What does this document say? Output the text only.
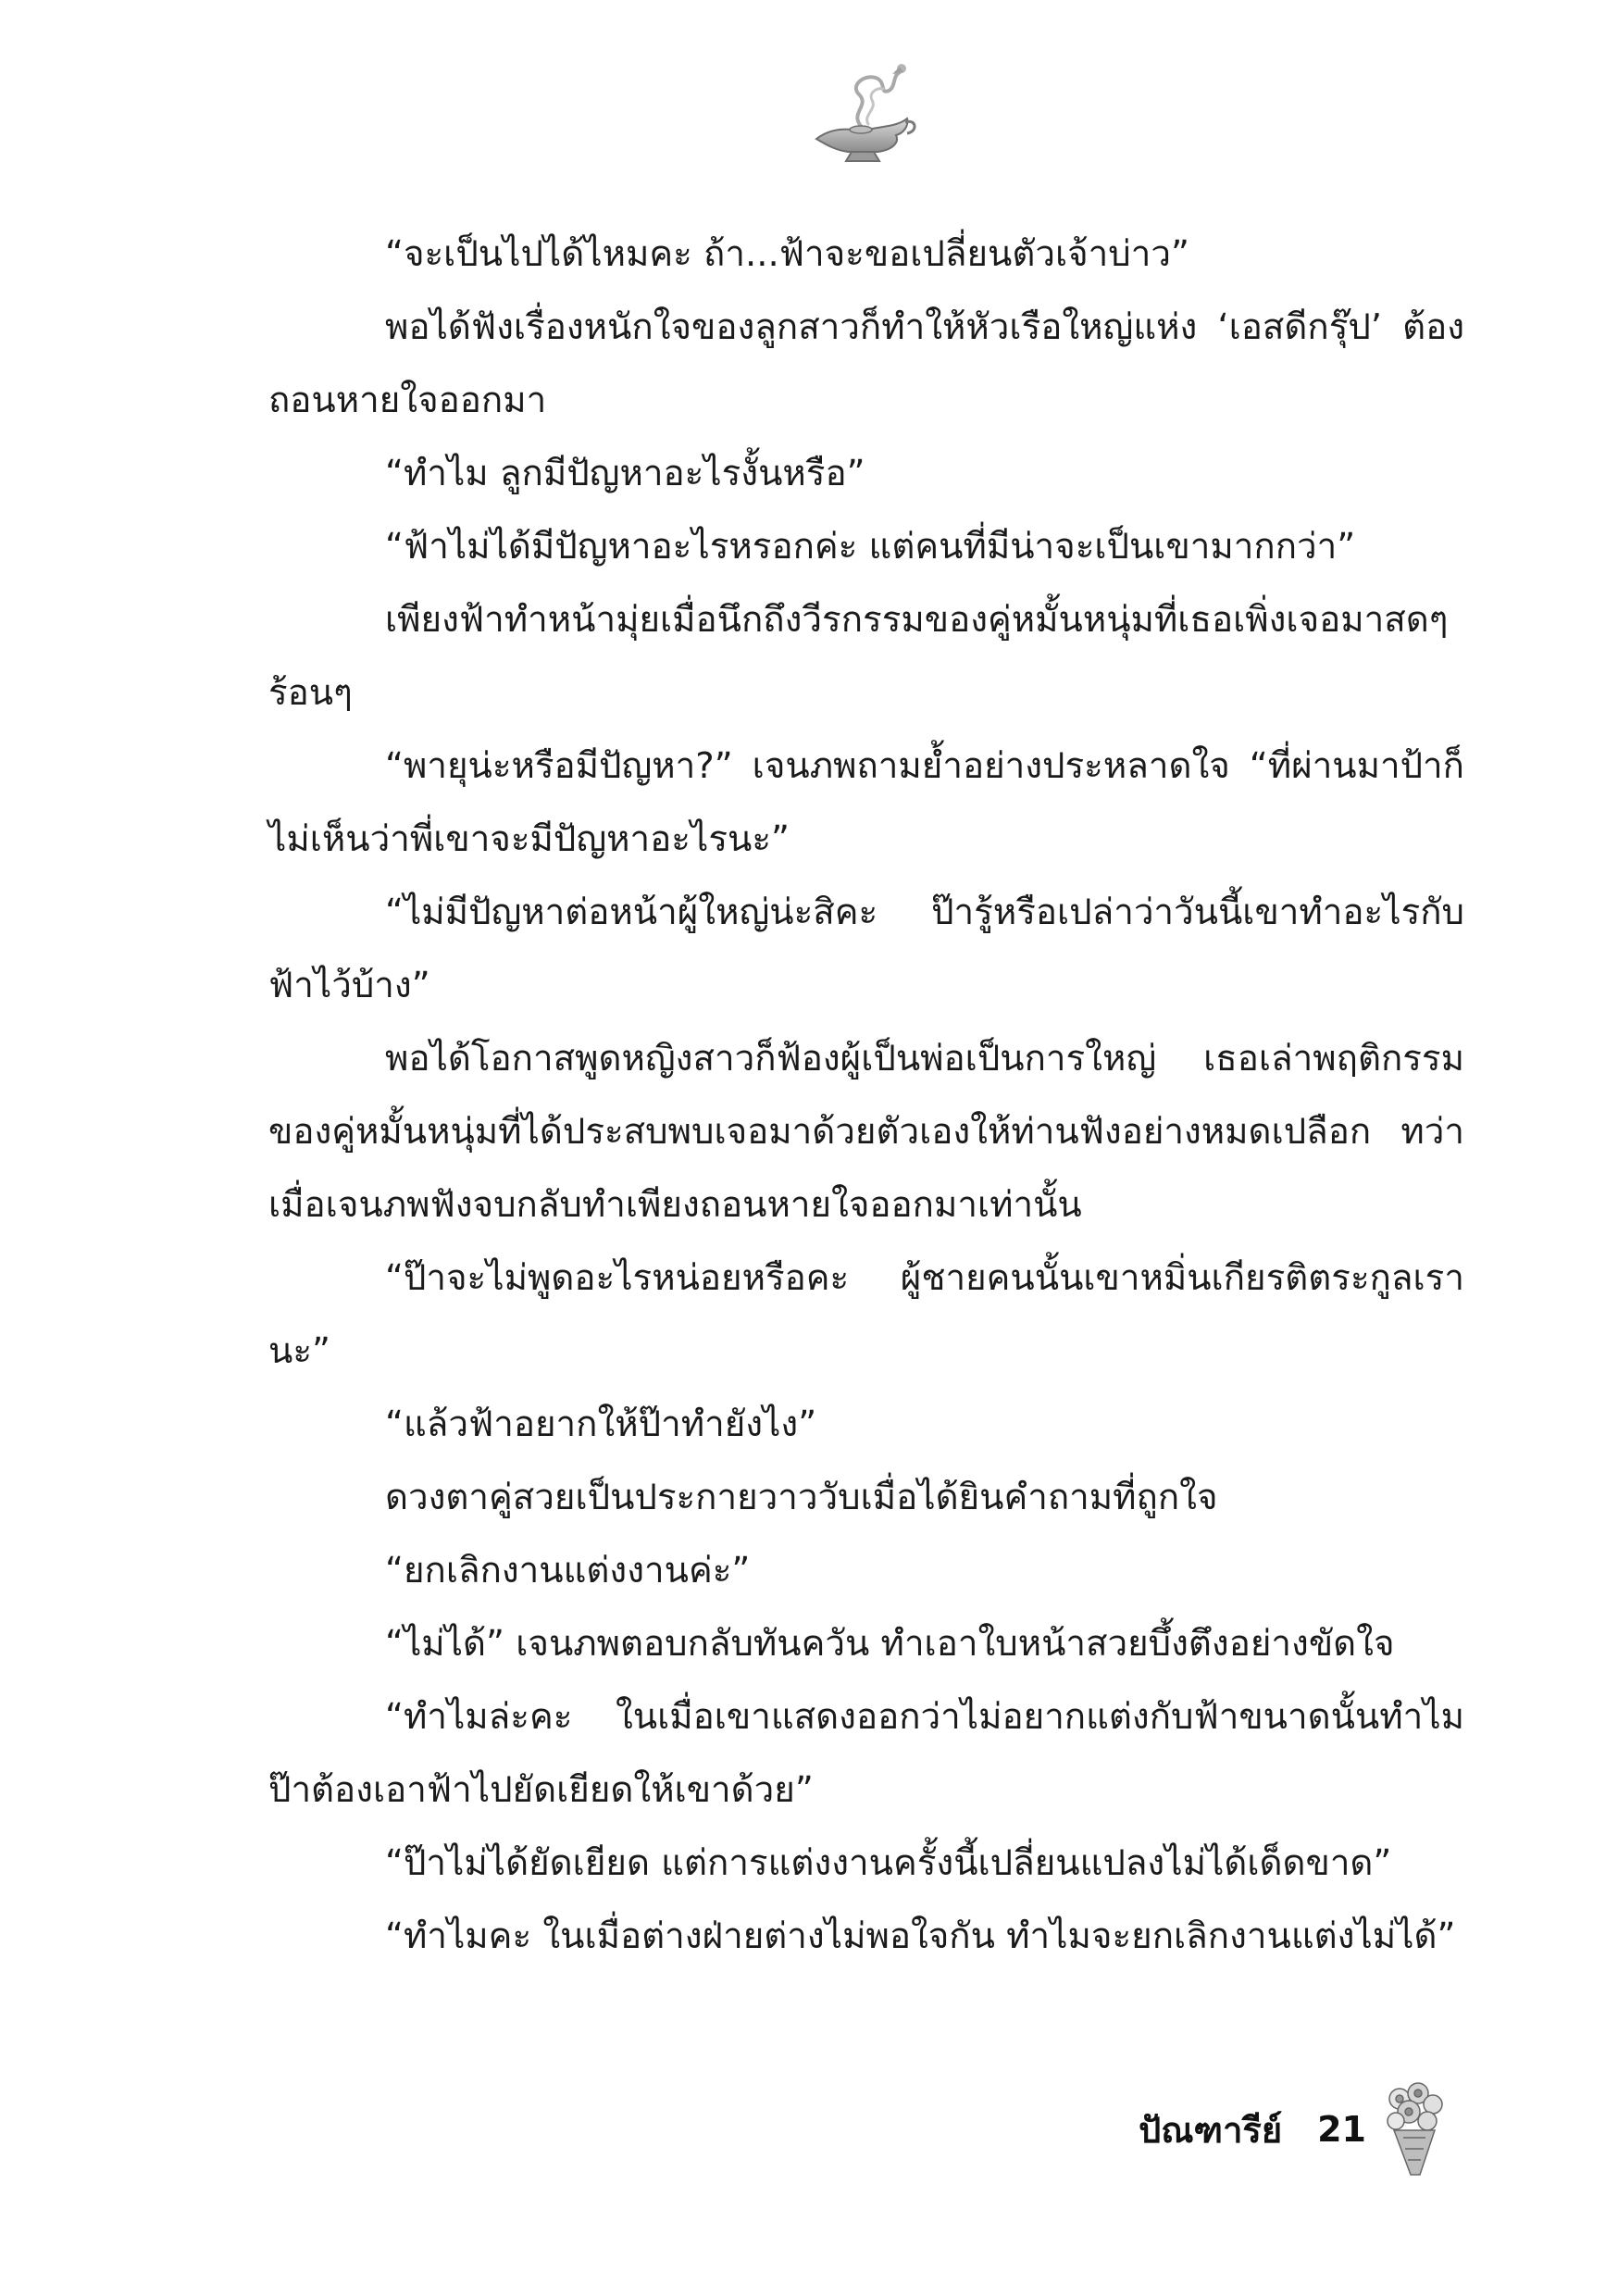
“จะเป็นไปได้ไหมคะ ถ้า...ฟ้าจะขอเปลี่ยนตัวเจ้าบ่าว”

พอได้ฟังเรื่องหนักใจของลูกสาวก็ทำให้หัวเรือใหญ่แห่ง ‘เอสดีกรุ๊ป’ ต้องถอนหายใจออกมา

“ทำไม ลูกมีปัญหาอะไรงั้นหรือ”

“ฟ้าไม่ได้มีปัญหาอะไรหรอกค่ะ แต่คนที่มีน่าจะเป็นเขามากกว่า”

เพียงฟ้าทำหน้ามุ่ยเมื่อนึกถึงวีรกรรมของคู่หมั้นหนุ่มที่เธอเพิ่งเจอมาสดๆ ร้อนๆ

“พายุน่ะหรือมีปัญหา?” เจนภพถามย้ำอย่างประหลาดใจ “ที่ผ่านมาป้าก็ไม่เห็นว่าพี่เขาจะมีปัญหาอะไรนะ”

“ไม่มีปัญหาต่อหน้าผู้ใหญ่น่ะสิคะ ป๊ารู้หรือเปล่าว่าวันนี้เขาทำอะไรกับฟ้าไว้บ้าง”

พอได้โอกาสพูดหญิงสาวก็ฟ้องผู้เป็นพ่อเป็นการใหญ่ เธอเล่าพฤติกรรมของคู่หมั้นหนุ่มที่ได้ประสบพบเจอมาด้วยตัวเองให้ท่านฟังอย่างหมดเปลือก ทว่าเมื่อเจนภพฟังจบกลับทำเพียงถอนหายใจออกมาเท่านั้น

“ป๊าจะไม่พูดอะไรหน่อยหรือคะ ผู้ชายคนนั้นเขาหมิ่นเกียรติตระกูลเรานะ”

“แล้วฟ้าอยากให้ป๊าทำยังไง”

ดวงตาคู่สวยเป็นประกายวาววับเมื่อได้ยินคำถามที่ถูกใจ

“ยกเลิกงานแต่งงานค่ะ”

“ไม่ได้” เจนภพตอบกลับทันควัน ทำเอาใบหน้าสวยบึ้งตึงอย่างขัดใจ

“ทำไมล่ะคะ ในเมื่อเขาแสดงออกว่าไม่อยากแต่งกับฟ้าขนาดนั้นทำไมป๊าต้องเอาฟ้าไปยัดเยียดให้เขาด้วย”

“ป๊าไม่ได้ยัดเยียด แต่การแต่งงานครั้งนี้เปลี่ยนแปลงไม่ได้เด็ดขาด”

“ทำไมคะ ในเมื่อต่างฝ่ายต่างไม่พอใจกัน ทำไมจะยกเลิกงานแต่งไม่ได้”

ปัณฑารีย์ 21
